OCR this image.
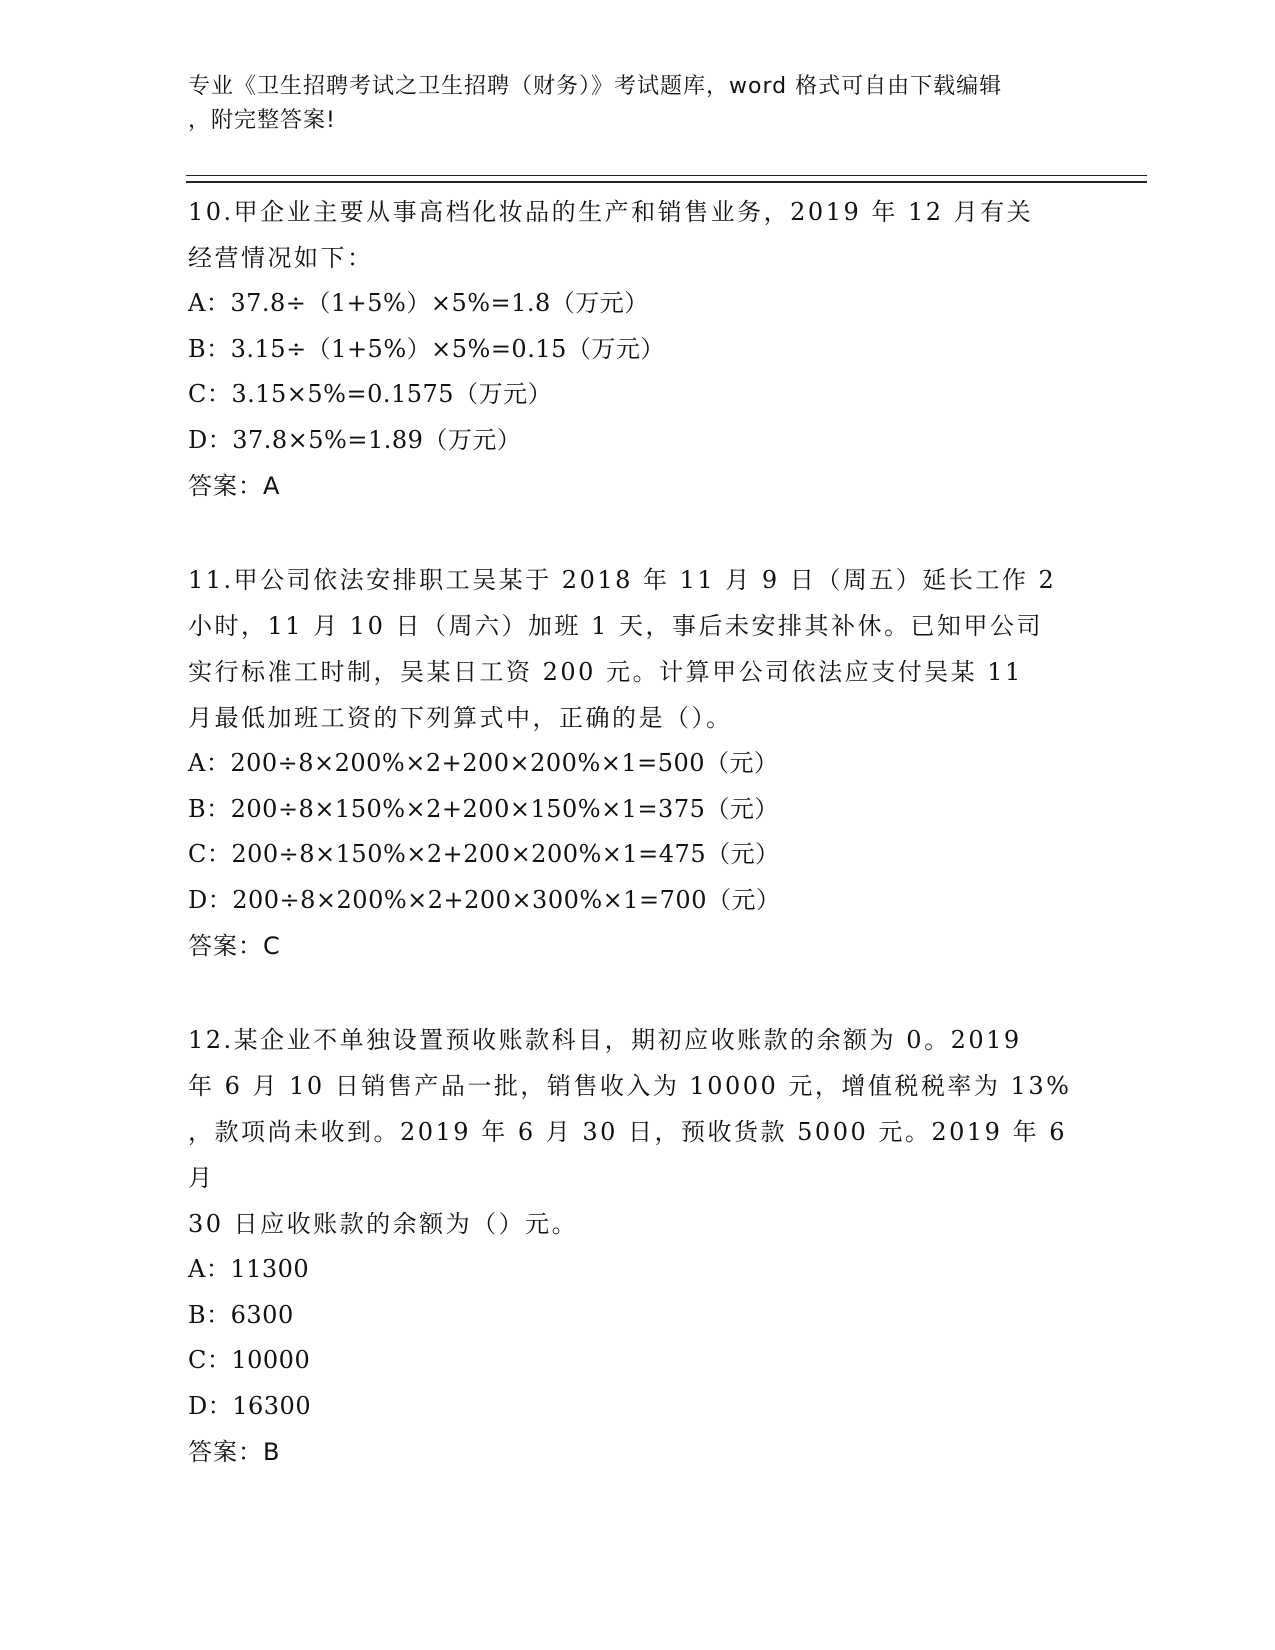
专业《卫生招聘考试之卫生招聘（财务）》考试题库，word 格式可自由下载编辑
，附完整答案!
10.甲企业主要从事高档化妆品的生产和销售业务，2019 年 12 月有关
经营情况如下：
A：37.8÷（1+5%）×5%=1.8（万元）
B：3.15÷（1+5%）×5%=0.15（万元）
C：3.15×5%=0.1575（万元）
D：37.8×5%=1.89（万元）
答案：A
11.甲公司依法安排职工吴某于 2018 年 11 月 9 日（周五）延长工作 2
小时，11 月 10 日（周六）加班 1 天，事后未安排其补休。已知甲公司
实行标准工时制，吴某日工资 200 元。计算甲公司依法应支付吴某 11
月最低加班工资的下列算式中，正确的是（）。
A：200÷8×200%×2+200×200%×1=500（元）
B：200÷8×150%×2+200×150%×1=375（元）
C：200÷8×150%×2+200×200%×1=475（元）
D：200÷8×200%×2+200×300%×1=700（元）
答案：C
12.某企业不单独设置预收账款科目，期初应收账款的余额为 0。2019
年 6 月 10 日销售产品一批，销售收入为 10000 元，增值税税率为 13%
，款项尚未收到。2019 年 6 月 30 日，预收货款 5000 元。2019 年 6 月
30 日应收账款的余额为（）元。
A：11300
B：6300
C：10000
D：16300
答案：B
